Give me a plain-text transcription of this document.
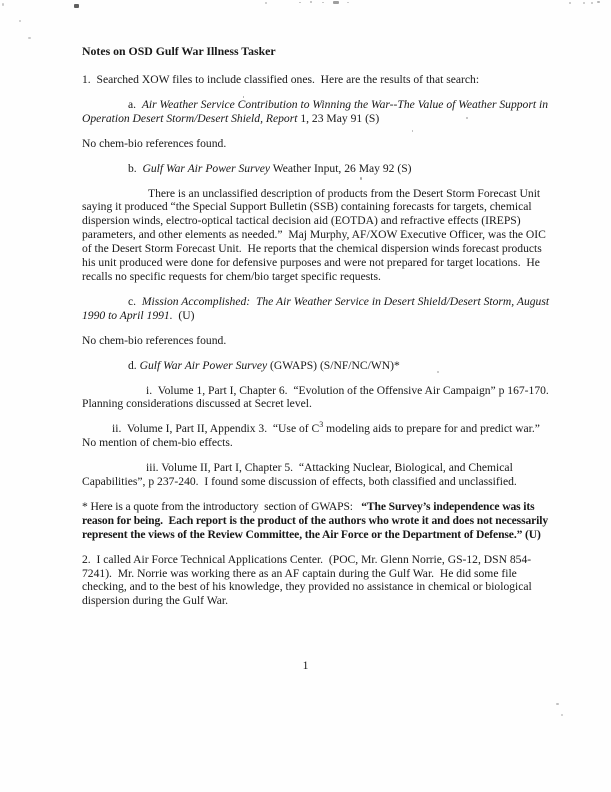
Notes on OSD Gulf War Illness Tasker

1.  Searched XOW files to include classified ones.  Here are the results of that search:

a.  Air Weather Service Contribution to Winning the War--The Value of Weather Support in Operation Desert Storm/Desert Shield, Report 1, 23 May 91 (S)

No chem-bio references found.

b.  Gulf War Air Power Survey Weather Input, 26 May 92 (S)

There is an unclassified description of products from the Desert Storm Forecast Unit saying it produced “the Special Support Bulletin (SSB) containing forecasts for targets, chemical dispersion winds, electro-optical tactical decision aid (EOTDA) and refractive effects (IREPS) parameters, and other elements as needed.”  Maj Murphy, AF/XOW Executive Officer, was the OIC of the Desert Storm Forecast Unit.  He reports that the chemical dispersion winds forecast products his unit produced were done for defensive purposes and were not prepared for target locations.  He recalls no specific requests for chem/bio target specific requests.

c.  Mission Accomplished:  The Air Weather Service in Desert Shield/Desert Storm, August 1990 to April 1991.  (U)

No chem-bio references found.

d. Gulf War Air Power Survey (GWAPS) (S/NF/NC/WN)*

i.  Volume 1, Part I, Chapter 6.  “Evolution of the Offensive Air Campaign” p 167-170.  Planning considerations discussed at Secret level.

ii.  Volume I, Part II, Appendix 3.  “Use of $C^3$ modeling aids to prepare for and predict war.”  No mention of chem-bio effects.

iii. Volume II, Part I, Chapter 5.  “Attacking Nuclear, Biological, and Chemical Capabilities”, p 237-240.  I found some discussion of effects, both classified and unclassified.

* Here is a quote from the introductory  section of GWAPS:   “The Survey’s independence was its reason for being.  Each report is the product of the authors who wrote it and does not necessarily represent the views of the Review Committee, the Air Force or the Department of Defense.” (U)

2.  I called Air Force Technical Applications Center.  (POC, Mr. Glenn Norrie, GS-12, DSN 854-7241).  Mr. Norrie was working there as an AF captain during the Gulf War.  He did some file checking, and to the best of his knowledge, they provided no assistance in chemical or biological dispersion during the Gulf War.

1
